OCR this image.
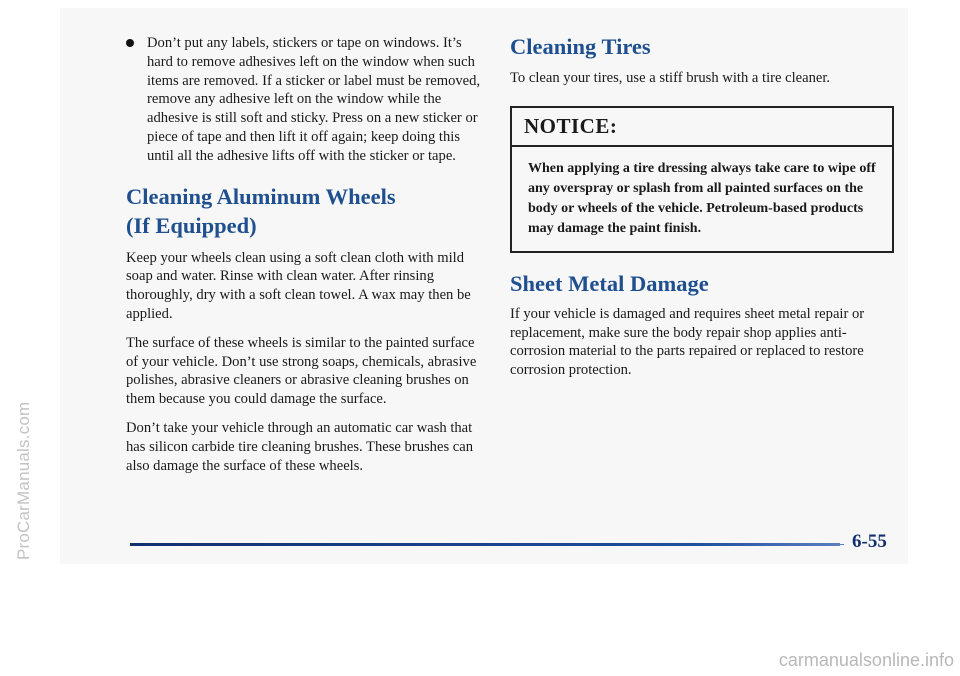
ProCarManuals.com

Don’t put any labels, stickers or tape on windows. It’s hard to remove adhesives left on the window when such items are removed. If a sticker or label must be removed, remove any adhesive left on the window while the adhesive is still soft and sticky. Press on a new sticker or piece of tape and then lift it off again; keep doing this until all the adhesive lifts off with the sticker or tape.

Cleaning Aluminum Wheels
(If Equipped)

Keep your wheels clean using a soft clean cloth with mild soap and water. Rinse with clean water. After rinsing thoroughly, dry with a soft clean towel. A wax may then be applied.

The surface of these wheels is similar to the painted surface of your vehicle. Don’t use strong soaps, chemicals, abrasive polishes, abrasive cleaners or abrasive cleaning brushes on them because you could damage the surface.

Don’t take your vehicle through an automatic car wash that has silicon carbide tire cleaning brushes. These brushes can also damage the surface of these wheels.

Cleaning Tires

To clean your tires, use a stiff brush with a tire cleaner.

NOTICE:
When applying a tire dressing always take care to wipe off any overspray or splash from all painted surfaces on the body or wheels of the vehicle. Petroleum-based products may damage the paint finish.
Sheet Metal Damage

If your vehicle is damaged and requires sheet metal repair or replacement, make sure the body repair shop applies anti-corrosion material to the parts repaired or replaced to restore corrosion protection.

6-55
carmanualsonline.info
